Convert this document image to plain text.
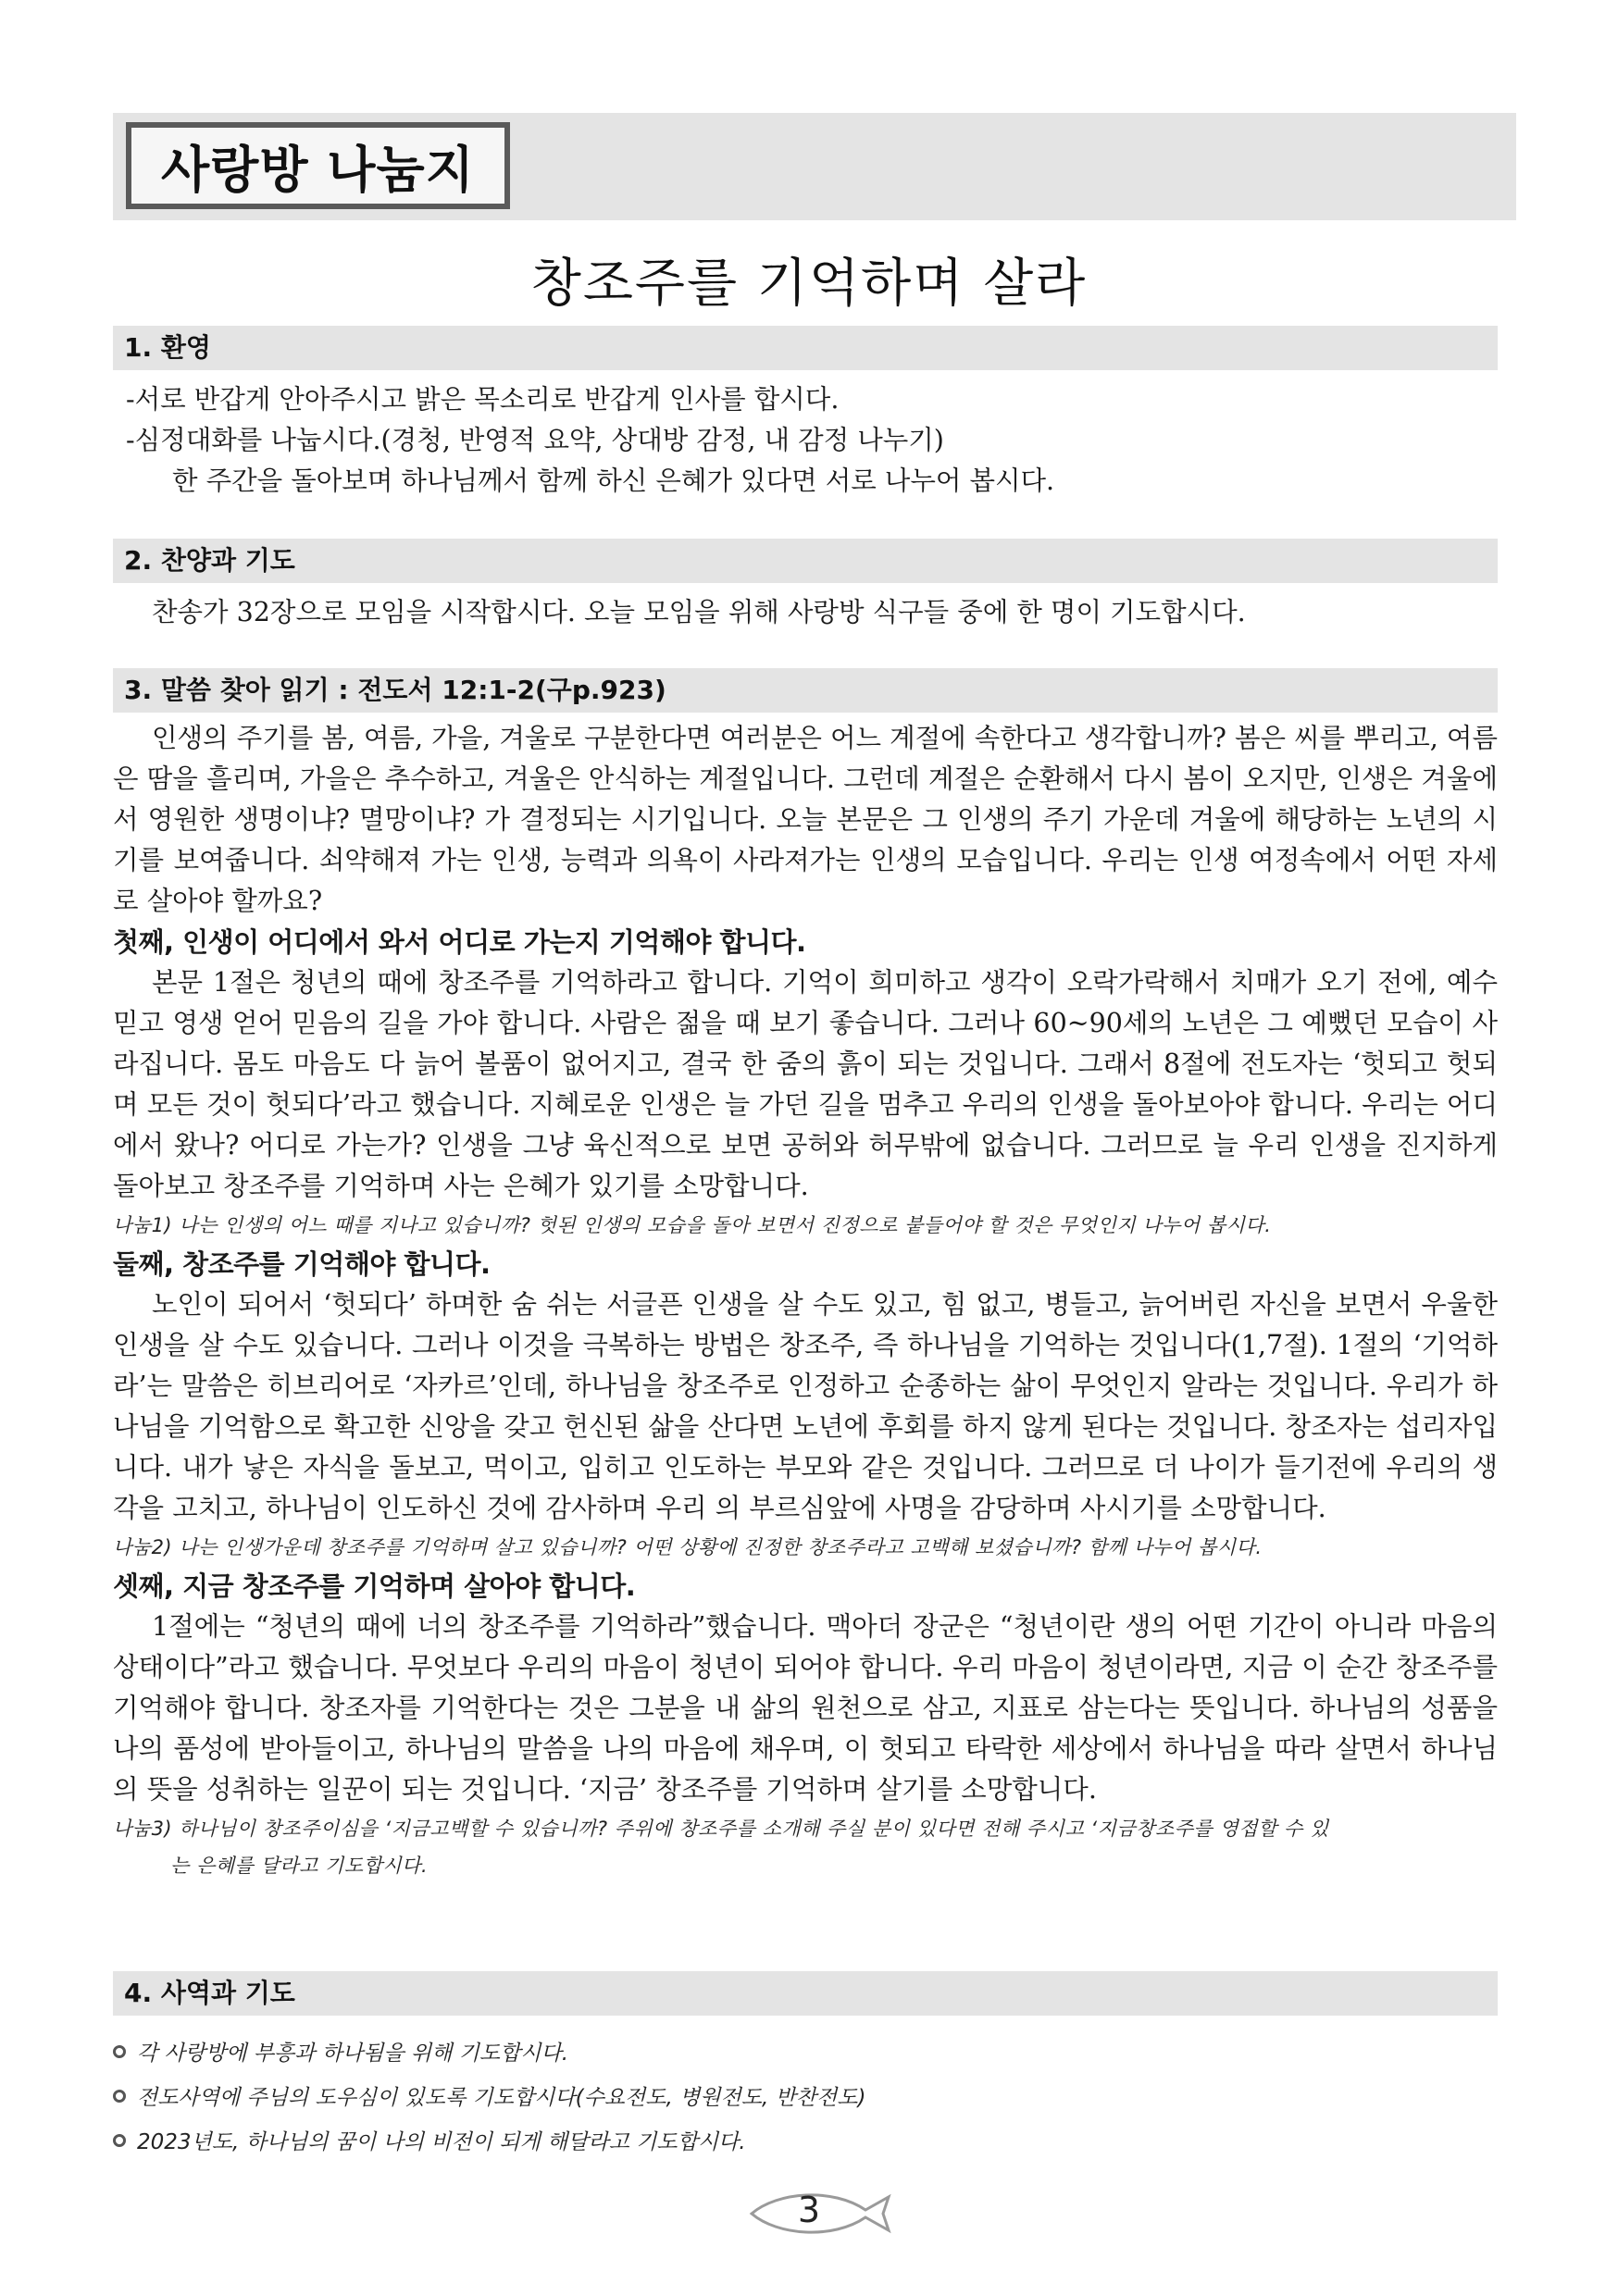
사랑방 나눔지
창조주를 기억하며 살라
1. 환영

-서로 반갑게 안아주시고 밝은 목소리로 반갑게 인사를 합시다.

-심정대화를 나눕시다.(경청, 반영적 요약, 상대방 감정, 내 감정 나누기)

한 주간을 돌아보며 하나님께서 함께 하신 은혜가 있다면 서로 나누어 봅시다.

2. 찬양과 기도

찬송가 32장으로 모임을 시작합시다. 오늘 모임을 위해 사랑방 식구들 중에 한 명이 기도합시다.

3. 말씀 찾아 읽기 : 전도서 12:1-2(구p.923)

인생의 주기를 봄, 여름, 가을, 겨울로 구분한다면 여러분은 어느 계절에 속한다고 생각합니까? 봄은 씨를 뿌리고, 여름은 땀을 흘리며, 가을은 추수하고, 겨울은 안식하는 계절입니다. 그런데 계절은 순환해서 다시 봄이 오지만, 인생은 겨울에서 영원한 생명이냐? 멸망이냐? 가 결정되는 시기입니다. 오늘 본문은 그 인생의 주기 가운데 겨울에 해당하는 노년의 시기를 보여줍니다. 쇠약해져 가는 인생, 능력과 의욕이 사라져가는 인생의 모습입니다. 우리는 인생 여정속에서 어떤 자세로 살아야 할까요?

첫째, 인생이 어디에서 와서 어디로 가는지 기억해야 합니다.

본문 1절은 청년의 때에 창조주를 기억하라고 합니다. 기억이 희미하고 생각이 오락가락해서 치매가 오기 전에, 예수 믿고 영생 얻어 믿음의 길을 가야 합니다. 사람은 젊을 때 보기 좋습니다. 그러나 60~90세의 노년은 그 예뻤던 모습이 사라집니다. 몸도 마음도 다 늙어 볼품이 없어지고, 결국 한 줌의 흙이 되는 것입니다. 그래서 8절에 전도자는 ‘헛되고 헛되며 모든 것이 헛되다’라고 했습니다. 지혜로운 인생은 늘 가던 길을 멈추고 우리의 인생을 돌아보아야 합니다. 우리는 어디에서 왔나? 어디로 가는가? 인생을 그냥 육신적으로 보면 공허와 허무밖에 없습니다. 그러므로 늘 우리 인생을 진지하게 돌아보고 창조주를 기억하며 사는 은혜가 있기를 소망합니다.

나눔1) 나는 인생의 어느 때를 지나고 있습니까? 헛된 인생의 모습을 돌아 보면서 진정으로 붙들어야 할 것은 무엇인지 나누어 봅시다.

둘째, 창조주를 기억해야 합니다.

노인이 되어서 ‘헛되다’ 하며한 숨 쉬는 서글픈 인생을 살 수도 있고, 힘 없고, 병들고, 늙어버린 자신을 보면서 우울한 인생을 살 수도 있습니다. 그러나 이것을 극복하는 방법은 창조주, 즉 하나님을 기억하는 것입니다(1,7절). 1절의 ‘기억하라’는 말씀은 히브리어로 ‘자카르’인데, 하나님을 창조주로 인정하고 순종하는 삶이 무엇인지 알라는 것입니다. 우리가 하나님을 기억함으로 확고한 신앙을 갖고 헌신된 삶을 산다면 노년에 후회를 하지 않게 된다는 것입니다. 창조자는 섭리자입니다. 내가 낳은 자식을 돌보고, 먹이고, 입히고 인도하는 부모와 같은 것입니다. 그러므로 더 나이가 들기전에 우리의 생각을 고치고, 하나님이 인도하신 것에 감사하며 우리 의 부르심앞에 사명을 감당하며 사시기를 소망합니다.

나눔2) 나는 인생가운데 창조주를 기억하며 살고 있습니까? 어떤 상황에 진정한 창조주라고 고백해 보셨습니까? 함께 나누어 봅시다.

셋째, 지금 창조주를 기억하며 살아야 합니다.

1절에는 “청년의 때에 너의 창조주를 기억하라”했습니다. 맥아더 장군은 “청년이란 생의 어떤 기간이 아니라 마음의 상태이다”라고 했습니다. 무엇보다 우리의 마음이 청년이 되어야 합니다. 우리 마음이 청년이라면, 지금 이 순간 창조주를 기억해야 합니다. 창조자를 기억한다는 것은 그분을 내 삶의 원천으로 삼고, 지표로 삼는다는 뜻입니다. 하나님의 성품을 나의 품성에 받아들이고, 하나님의 말씀을 나의 마음에 채우며, 이 헛되고 타락한 세상에서 하나님을 따라 살면서 하나님의 뜻을 성취하는 일꾼이 되는 것입니다. ‘지금’ 창조주를 기억하며 살기를 소망합니다.

나눔3) 하나님이 창조주이심을 ‘지금고백할 수 있습니까? 주위에 창조주를 소개해 주실 분이 있다면 전해 주시고 ‘지금창조주를 영접할 수 있

는 은혜를 달라고 기도합시다.

4. 사역과 기도
각 사랑방에 부흥과 하나됨을 위해 기도합시다.
전도사역에 주님의 도우심이 있도록 기도합시다(수요전도, 병원전도, 반찬전도)
2023년도, 하나님의 꿈이 나의 비전이 되게 해달라고 기도합시다.
3
